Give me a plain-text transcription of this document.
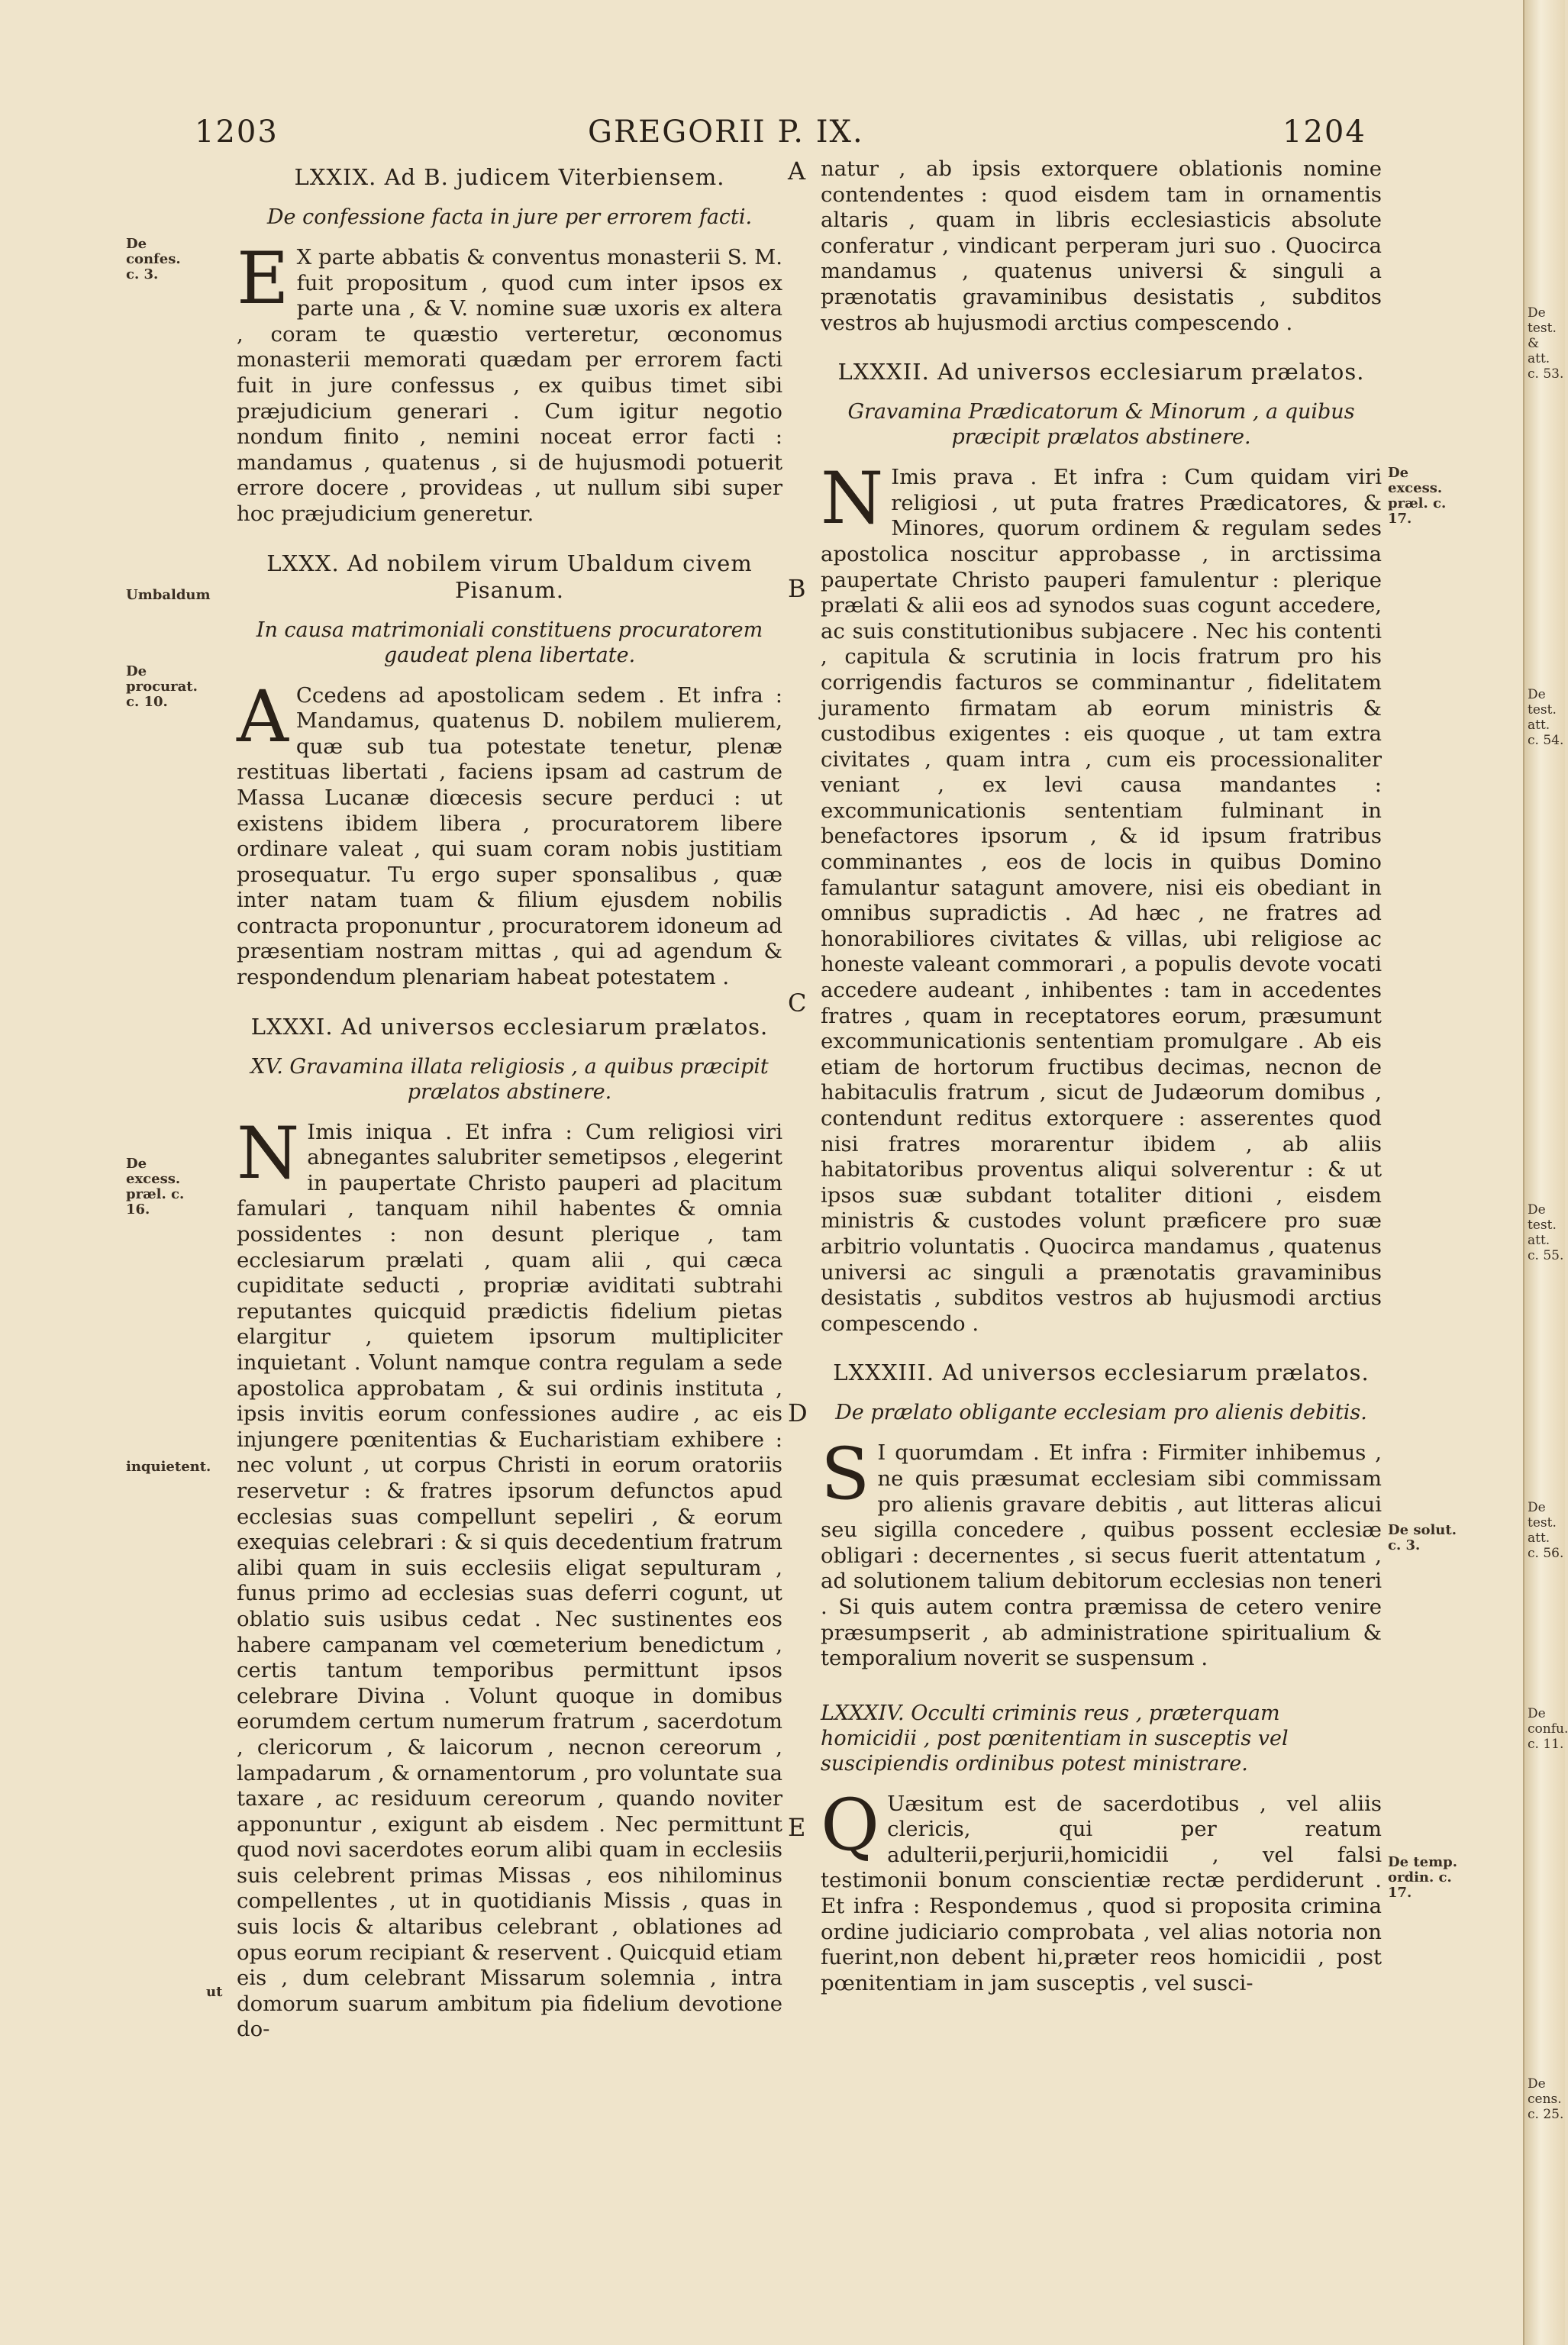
1203	GREGORII P. IX.	1204
A
B
C
D
E
De confes. c. 3.
Umbaldum
De procurat. c. 10.
De excess. præl. c. 16.
inquietent.
ut
De excess. præl. c. 17.
De solut. c. 3.
De temp. ordin. c. 17.
LXXIX. Ad B. judicem Viterbiensem.
De confessione facta in jure per errorem facti.

E X parte abbatis & conventus monasterii S. M. fuit propositum , quod cum inter ipsos ex parte una , & V. nomine suæ uxoris ex altera , coram te quæstio verteretur, œconomus monasterii memorati quædam per errorem facti fuit in jure confessus , ex quibus timet sibi præjudicium generari . Cum igitur negotio nondum finito , nemini noceat error facti : mandamus , quatenus , si de hujusmodi potuerit errore docere , provideas , ut nullum sibi super hoc præjudicium generetur.

LXXX. Ad nobilem virum Ubaldum civem Pisanum.
In causa matrimoniali constituens procuratorem gaudeat plena libertate.

A Ccedens ad apostolicam sedem . Et infra : Mandamus, quatenus D. nobilem mulierem, quæ sub tua potestate tenetur, plenæ restituas libertati , faciens ipsam ad castrum de Massa Lucanæ diœcesis secure perduci : ut existens ibidem libera , procuratorem libere ordinare valeat , qui suam coram nobis justitiam prosequatur. Tu ergo super sponsalibus , quæ inter natam tuam & filium ejusdem nobilis contracta proponuntur , procuratorem idoneum ad præsentiam nostram mittas , qui ad agendum & respondendum plenariam habeat potestatem .

LXXXI. Ad universos ecclesiarum prælatos.
XV. Gravamina illata religiosis , a quibus præcipit prælatos abstinere.

N Imis iniqua . Et infra : Cum religiosi viri abnegantes salubriter semetipsos , elegerint in paupertate Christo pauperi ad placitum famulari , tanquam nihil habentes & omnia possidentes : non desunt plerique , tam ecclesiarum prælati , quam alii , qui cæca cupiditate seducti , propriæ aviditati subtrahi reputantes quicquid prædictis fidelium pietas elargitur , quietem ipsorum multipliciter inquietant . Volunt namque contra regulam a sede apostolica approbatam , & sui ordinis instituta , ipsis invitis eorum confessiones audire , ac eis injungere pœnitentias & Eucharistiam exhibere : nec volunt , ut corpus Christi in eorum oratoriis reservetur : & fratres ipsorum defunctos apud ecclesias suas compellunt sepeliri , & eorum exequias celebrari : & si quis decedentium fratrum alibi quam in suis ecclesiis eligat sepulturam , funus primo ad ecclesias suas deferri cogunt, ut oblatio suis usibus cedat . Nec sustinentes eos habere campanam vel cœmeterium benedictum , certis tantum temporibus permittunt ipsos celebrare Divina . Volunt quoque in domibus eorumdem certum numerum fratrum , sacerdotum , clericorum , & laicorum , necnon cereorum , lampadarum , & ornamentorum , pro voluntate sua taxare , ac residuum cereorum , quando noviter apponuntur , exigunt ab eisdem . Nec permittunt quod novi sacerdotes eorum alibi quam in ecclesiis suis celebrent primas Missas , eos nihilominus compellentes , ut in quotidianis Missis , quas in suis locis & altaribus celebrant , oblationes ad opus eorum recipiant & reservent . Quicquid etiam eis , dum celebrant Missarum solemnia , intra domorum suarum ambitum pia fidelium devotione do-

natur , ab ipsis extorquere oblationis nomine contendentes : quod eisdem tam in ornamentis altaris , quam in libris ecclesiasticis absolute conferatur , vindicant perperam juri suo . Quocirca mandamus , quatenus universi & singuli a prænotatis gravaminibus desistatis , subditos vestros ab hujusmodi arctius compescendo .

LXXXII. Ad universos ecclesiarum prælatos.
Gravamina Prædicatorum & Minorum , a quibus præcipit prælatos abstinere.

N Imis prava . Et infra : Cum quidam viri religiosi , ut puta fratres Prædicatores, & Minores, quorum ordinem & regulam sedes apostolica noscitur approbasse , in arctissima paupertate Christo pauperi famulentur : plerique prælati & alii eos ad synodos suas cogunt accedere, ac suis constitutionibus subjacere . Nec his contenti , capitula & scrutinia in locis fratrum pro his corrigendis facturos se comminantur , fidelitatem juramento firmatam ab eorum ministris & custodibus exigentes : eis quoque , ut tam extra civitates , quam intra , cum eis processionaliter veniant , ex levi causa mandantes : excommunicationis sententiam fulminant in benefactores ipsorum , & id ipsum fratribus comminantes , eos de locis in quibus Domino famulantur satagunt amovere, nisi eis obediant in omnibus supradictis . Ad hæc , ne fratres ad honorabiliores civitates & villas, ubi religiose ac honeste valeant commorari , a populis devote vocati accedere audeant , inhibentes : tam in accedentes fratres , quam in receptatores eorum, præsumunt excommunicationis sententiam promulgare . Ab eis etiam de hortorum fructibus decimas, necnon de habitaculis fratrum , sicut de Judæorum domibus , contendunt reditus extorquere : asserentes quod nisi fratres morarentur ibidem , ab aliis habitatoribus proventus aliqui solverentur : & ut ipsos suæ subdant totaliter ditioni , eisdem ministris & custodes volunt præficere pro suæ arbitrio voluntatis . Quocirca mandamus , quatenus universi ac singuli a prænotatis gravaminibus desistatis , subditos vestros ab hujusmodi arctius compescendo .

LXXXIII. Ad universos ecclesiarum prælatos.
De prælato obligante ecclesiam pro alienis debitis.

S I quorumdam . Et infra : Firmiter inhibemus , ne quis præsumat ecclesiam sibi commissam pro alienis gravare debitis , aut litteras alicui seu sigilla concedere , quibus possent ecclesiæ obligari : decernentes , si secus fuerit attentatum , ad solutionem talium debitorum ecclesias non teneri . Si quis autem contra præmissa de cetero venire præsumpserit , ab administratione spiritualium & temporalium noverit se suspensum .

LXXXIV. Occulti criminis reus , præterquam homicidii , post pœnitentiam in susceptis vel suscipiendis ordinibus potest ministrare.

Q Uæsitum est de sacerdotibus , vel aliis clericis, qui per reatum adulterii,perjurii,homicidii , vel falsi testimonii bonum conscientiæ rectæ perdiderunt . Et infra : Respondemus , quod si proposita crimina ordine judiciario comprobata , vel alias notoria non fuerint,non debent hi,præter reos homicidii , post pœnitentiam in jam susceptis , vel susci-

De test. & att. c. 53.
De test. att. c. 54.
De test. att. c. 55.
De test. att. c. 56.
De confu. c. 11.
De cens. c. 25.
